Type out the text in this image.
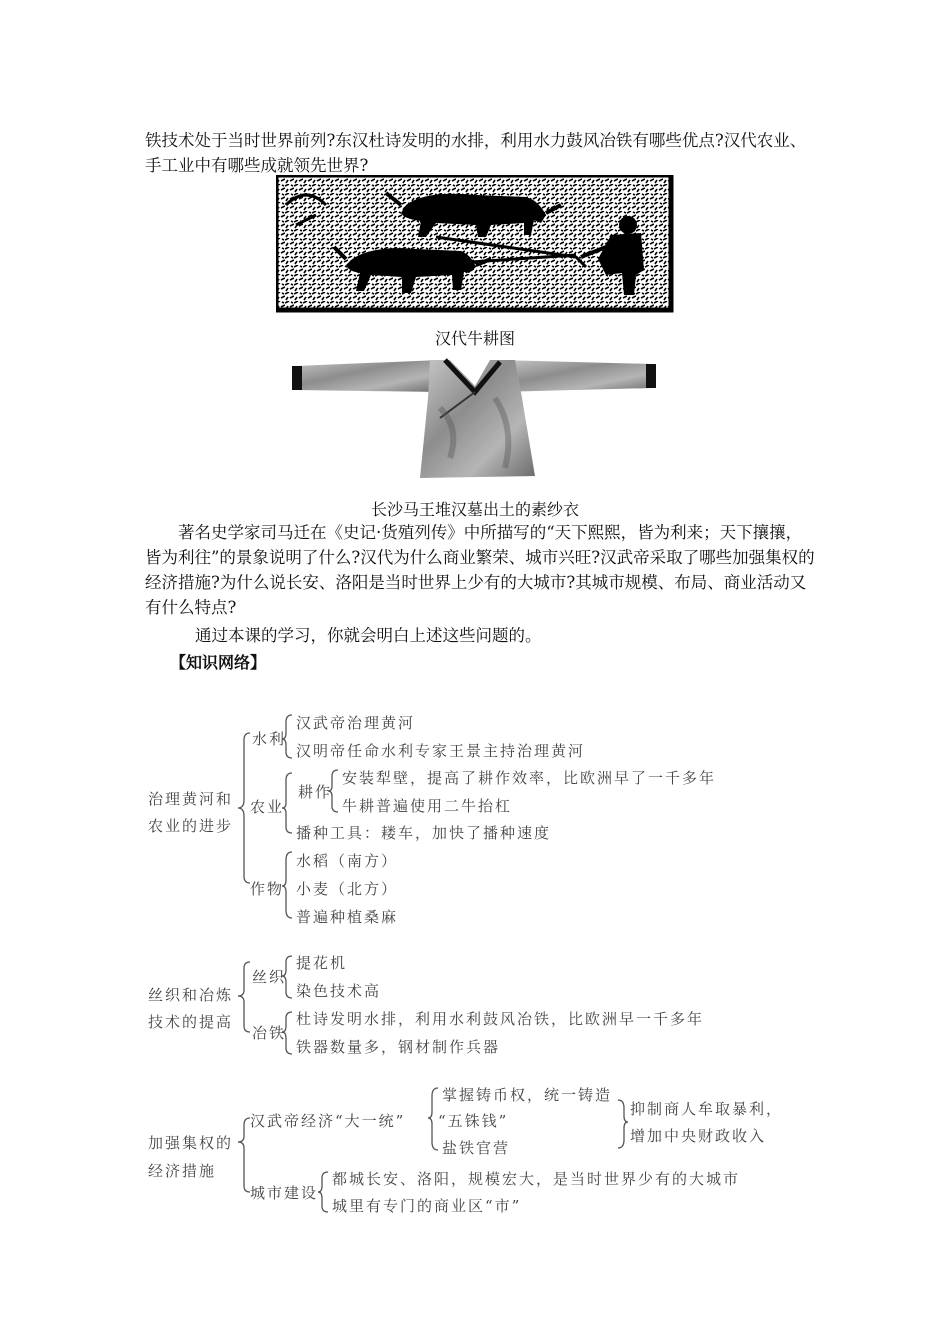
铁技术处于当时世界前列?东汉杜诗发明的水排，利用水力鼓风冶铁有哪些优点?汉代农业、
手工业中有哪些成就领先世界?
汉代牛耕图
长沙马王堆汉墓出土的素纱衣
著名史学家司马迁在《史记·货殖列传》中所描写的“天下熙熙，皆为利来；天下攘攘，皆为利往”的景象说明了什么?汉代为什么商业繁荣、城市兴旺?汉武帝采取了哪些加强集权的经济措施?为什么说长安、洛阳是当时世界上少有的大城市?其城市规模、布局、商业活动又有什么特点?
通过本课的学习，你就会明白上述这些问题的。
【知识网络】
治理黄河和
农业的进步
水利
汉武帝治理黄河
汉明帝任命水利专家王景主持治理黄河
农业
耕作
安装犁壁，提高了耕作效率，比欧洲早了一千多年
牛耕普遍使用二牛抬杠
播种工具：耧车，加快了播种速度
作物
水稻（南方）
小麦（北方）
普遍种植桑麻
丝织和冶炼
技术的提高
丝织
提花机
染色技术高
冶铁
杜诗发明水排，利用水利鼓风冶铁，比欧洲早一千多年
铁器数量多，钢材制作兵器
加强集权的
经济措施
汉武帝经济“大一统”
掌握铸币权，统一铸造
“五铢钱”
盐铁官营
抑制商人牟取暴利，
增加中央财政收入
城市建设
都城长安、洛阳，规模宏大，是当时世界少有的大城市
城里有专门的商业区“市”
